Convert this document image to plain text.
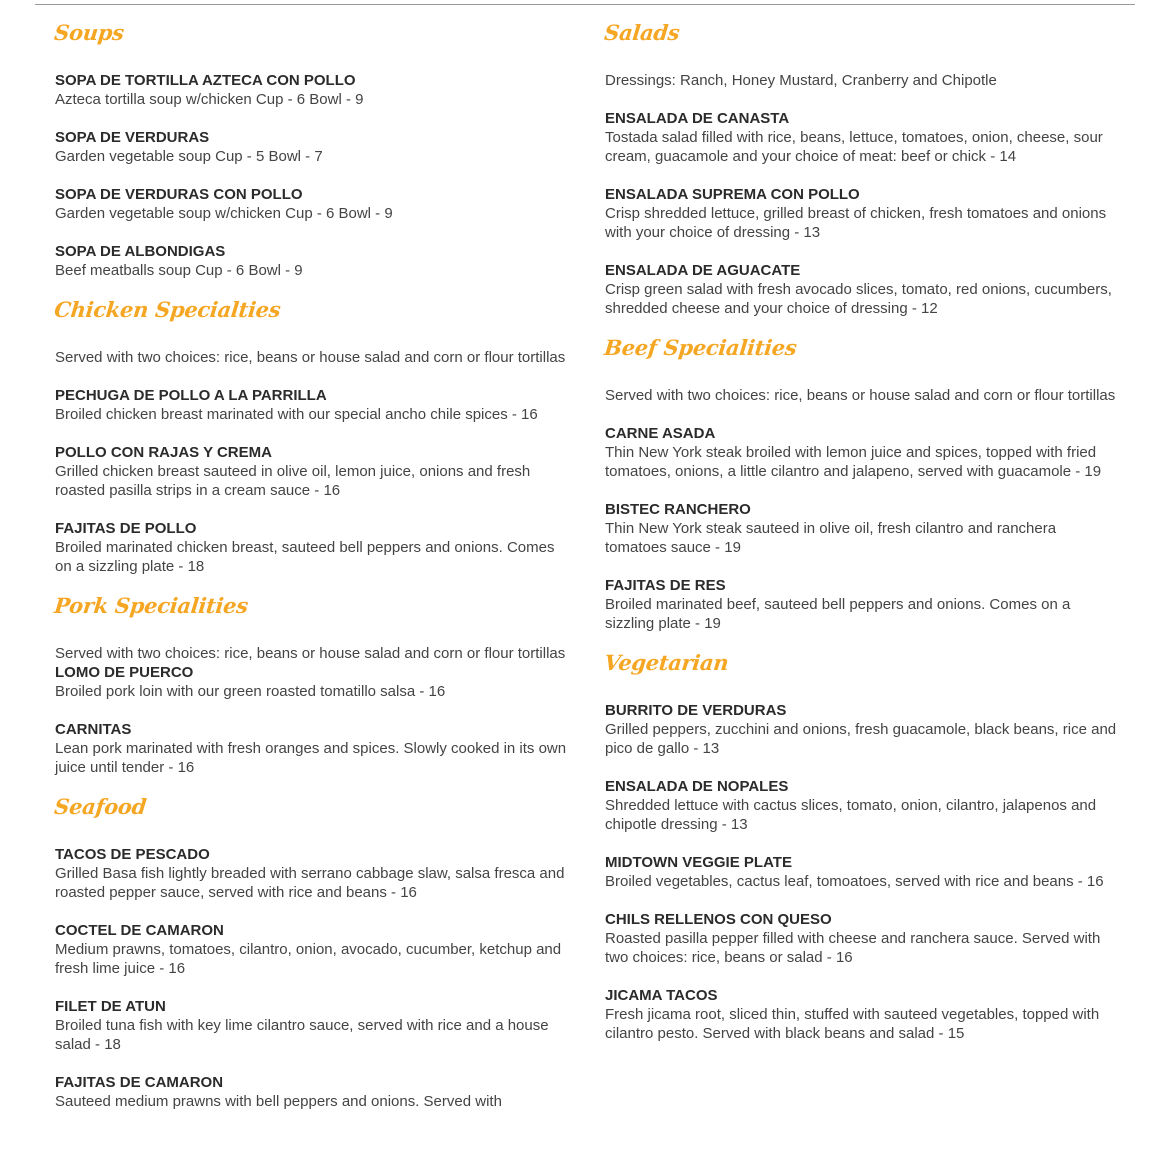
Soups
SOPA DE TORTILLA AZTECA CON POLLO
Azteca tortilla soup w/chicken Cup - 6 Bowl - 9
SOPA DE VERDURAS
Garden vegetable soup Cup - 5 Bowl - 7
SOPA DE VERDURAS CON POLLO
Garden vegetable soup w/chicken Cup - 6 Bowl - 9
SOPA DE ALBONDIGAS
Beef meatballs soup Cup - 6 Bowl - 9
Chicken Specialties
Served with two choices: rice, beans or house salad and corn or flour tortillas
PECHUGA DE POLLO A LA PARRILLA
Broiled chicken breast marinated with our special ancho chile spices - 16
POLLO CON RAJAS Y CREMA
Grilled chicken breast sauteed in olive oil, lemon juice, onions and fresh roasted pasilla strips in a cream sauce - 16
FAJITAS DE POLLO
Broiled marinated chicken breast, sauteed bell peppers and onions. Comes on a sizzling plate - 18
Pork Specialities
Served with two choices: rice, beans or house salad and corn or flour tortillas LOMO DE PUERCO
Broiled pork loin with our green roasted tomatillo salsa - 16
CARNITAS
Lean pork marinated with fresh oranges and spices. Slowly cooked in its own juice until tender - 16
Seafood
TACOS DE PESCADO
Grilled Basa fish lightly breaded with serrano cabbage slaw, salsa fresca and roasted pepper sauce, served with rice and beans - 16
COCTEL DE CAMARON
Medium prawns, tomatoes, cilantro, onion, avocado, cucumber, ketchup and fresh lime juice - 16
FILET DE ATUN
Broiled tuna fish with key lime cilantro sauce, served with rice and a house salad - 18
FAJITAS DE CAMARON
Sauteed medium prawns with bell peppers and onions. Served with
Salads
Dressings: Ranch, Honey Mustard, Cranberry and Chipotle
ENSALADA DE CANASTA
Tostada salad filled with rice, beans, lettuce, tomatoes, onion, cheese, sour cream, guacamole and your choice of meat: beef or chick - 14
ENSALADA SUPREMA CON POLLO
Crisp shredded lettuce, grilled breast of chicken, fresh tomatoes and onions with your choice of dressing - 13
ENSALADA DE AGUACATE
Crisp green salad with fresh avocado slices, tomato, red onions, cucumbers, shredded cheese and your choice of dressing - 12
Beef Specialities
Served with two choices: rice, beans or house salad and corn or flour tortillas
CARNE ASADA
Thin New York steak broiled with lemon juice and spices, topped with fried tomatoes, onions, a little cilantro and jalapeno, served with guacamole - 19
BISTEC RANCHERO
Thin New York steak sauteed in olive oil, fresh cilantro and ranchera tomatoes sauce - 19
FAJITAS DE RES
Broiled marinated beef, sauteed bell peppers and onions. Comes on a sizzling plate - 19
Vegetarian
BURRITO DE VERDURAS
Grilled peppers, zucchini and onions, fresh guacamole, black beans, rice and pico de gallo - 13
ENSALADA DE NOPALES
Shredded lettuce with cactus slices, tomato, onion, cilantro, jalapenos and chipotle dressing - 13
MIDTOWN VEGGIE PLATE
Broiled vegetables, cactus leaf, tomoatoes, served with rice and beans - 16
CHILS RELLENOS CON QUESO
Roasted pasilla pepper filled with cheese and ranchera sauce. Served with two choices: rice, beans or salad - 16
JICAMA TACOS
Fresh jicama root, sliced thin, stuffed with sauteed vegetables, topped with cilantro pesto. Served with black beans and salad - 15
